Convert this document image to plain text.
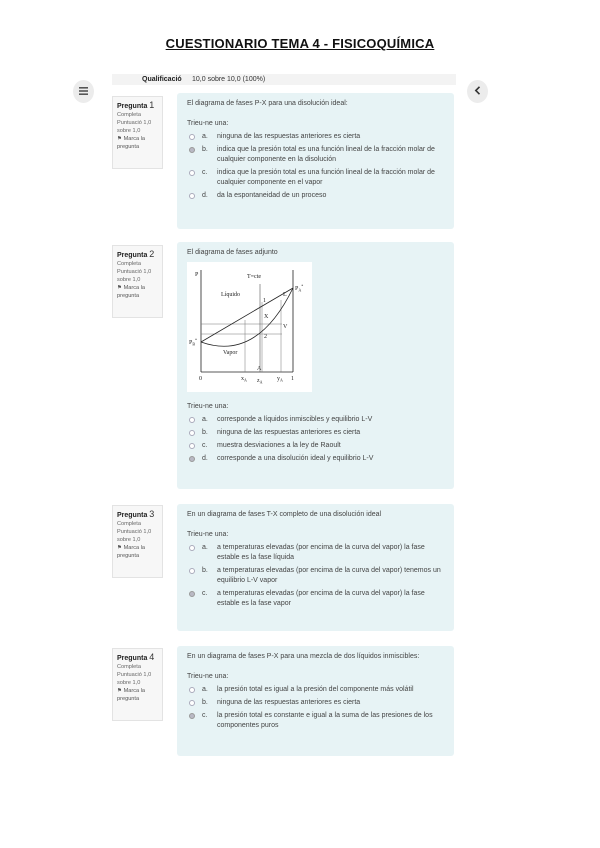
CUESTIONARIO TEMA 4 - FISICOQUÍMICA
Qualificació 10,0 sobre 10,0 (100%)
Pregunta 1
Completa
Puntuació 1,0 sobre 1,0
⚑ Marca la pregunta
El diagrama de fases P-X para una disolución ideal:
Trieu-ne una:
a. ninguna de las respuestas anteriores es cierta
b. indica que la presión total es una función lineal de la fracción molar de cualquier componente en la disolución
c. indica que la presión total es una función lineal de la fracción molar de cualquier componente en el vapor
d. da la espontaneidad de un proceso
Pregunta 2
Completa
Puntuació 1,0 sobre 1,0
⚑ Marca la pregunta
El diagrama de fases adjunto
P	T=cte
Líquido
Vapor
$P_A^*$
$P_B^*$
0	$x_A$ $z_A$ $y_A$ 1
1
L
X
V
2
A
Trieu-ne una:
a. corresponde a líquidos inmiscibles y equilibrio L-V
b. ninguna de las respuestas anteriores es cierta
c. muestra desviaciones a la ley de Raoult
d. corresponde a una disolución ideal y equilibrio L-V
Pregunta 3
Completa
Puntuació 1,0 sobre 1,0
⚑ Marca la pregunta
En un diagrama de fases T-X completo de una disolución ideal
Trieu-ne una:
a. a temperaturas elevadas (por encima de la curva del vapor) la fase estable es la fase líquida
b. a temperaturas elevadas (por encima de la curva del vapor) tenemos un equilibrio L-V vapor
c. a temperaturas elevadas (por encima de la curva del vapor) la fase estable es la fase vapor
Pregunta 4
Completa
Puntuació 1,0 sobre 1,0
⚑ Marca la pregunta
En un diagrama de fases P-X para una mezcla de dos líquidos inmiscibles:
Trieu-ne una:
a. la presión total es igual a la presión del componente más volátil
b. ninguna de las respuestas anteriores es cierta
c. la presión total es constante e igual a la suma de las presiones de los componentes puros
